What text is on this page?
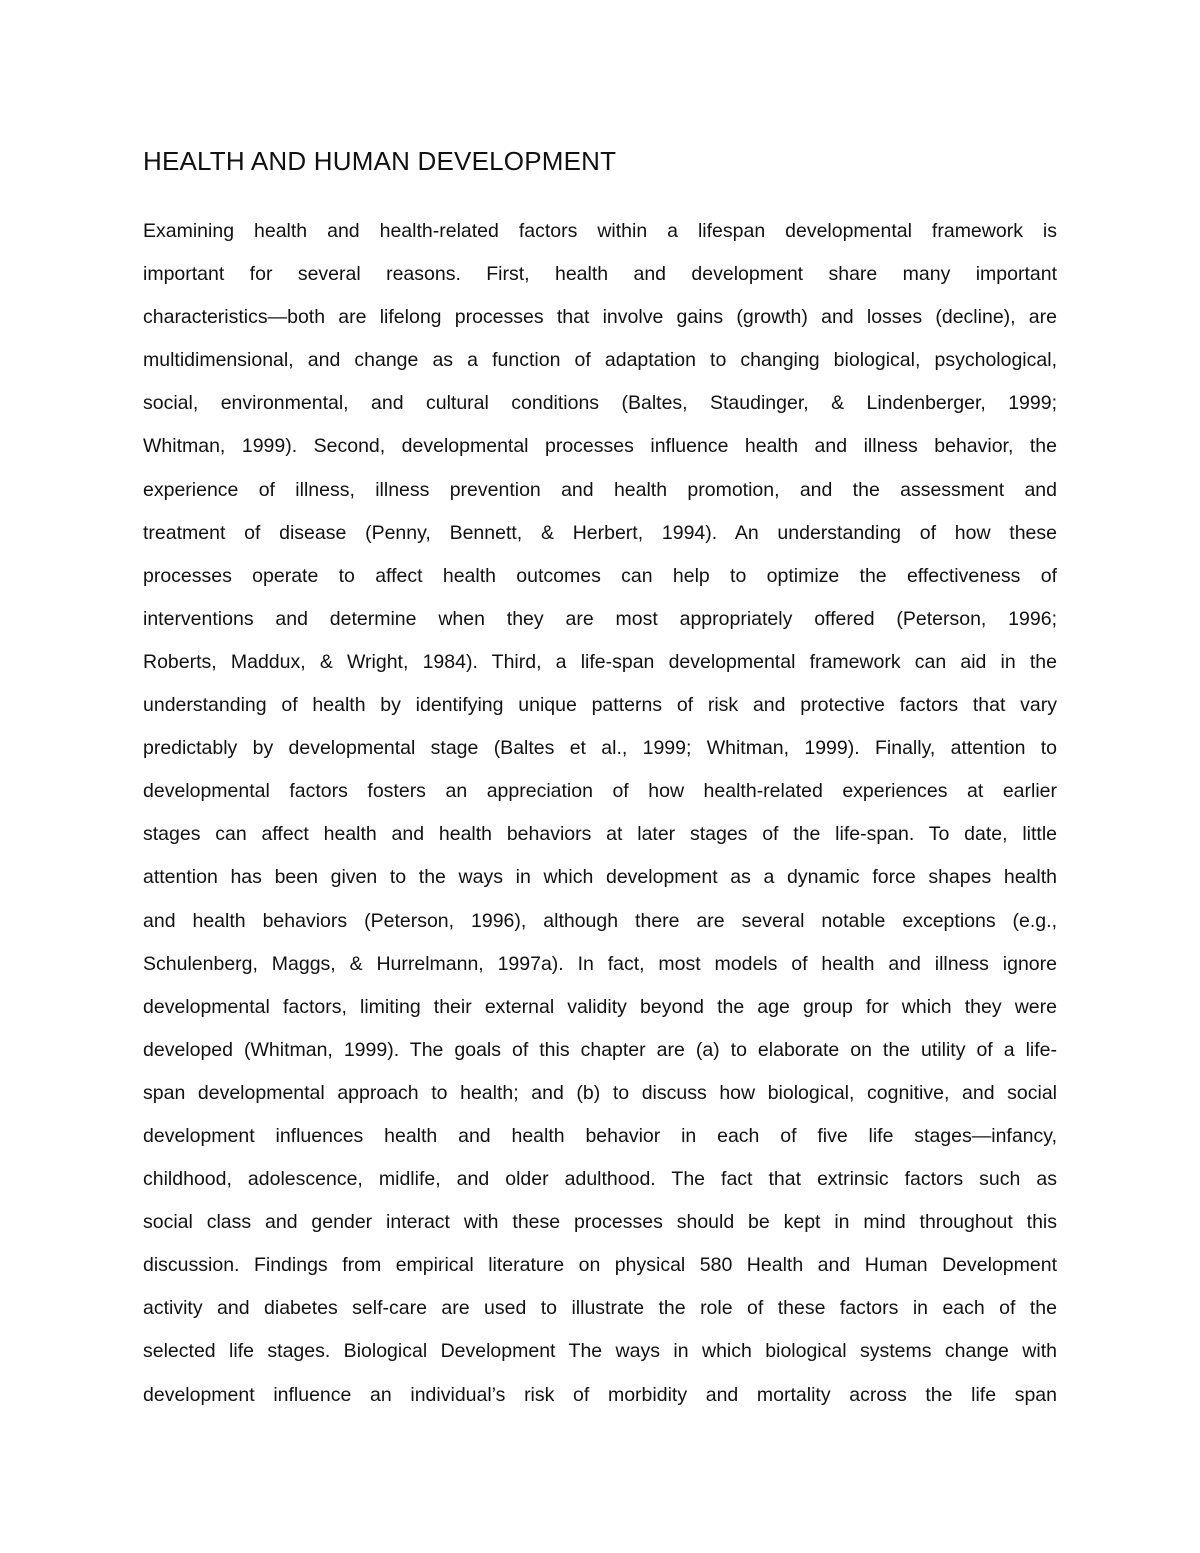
HEALTH AND HUMAN DEVELOPMENT
Examining health and health-related factors within a lifespan developmental framework is
important for several reasons. First, health and development share many important
characteristics—both are lifelong processes that involve gains (growth) and losses (decline), are
multidimensional, and change as a function of adaptation to changing biological, psychological,
social, environmental, and cultural conditions (Baltes, Staudinger, & Lindenberger, 1999;
Whitman, 1999). Second, developmental processes influence health and illness behavior, the
experience of illness, illness prevention and health promotion, and the assessment and
treatment of disease (Penny, Bennett, & Herbert, 1994). An understanding of how these
processes operate to affect health outcomes can help to optimize the effectiveness of
interventions and determine when they are most appropriately offered (Peterson, 1996;
Roberts, Maddux, & Wright, 1984). Third, a life-span developmental framework can aid in the
understanding of health by identifying unique patterns of risk and protective factors that vary
predictably by developmental stage (Baltes et al., 1999; Whitman, 1999). Finally, attention to
developmental factors fosters an appreciation of how health-related experiences at earlier
stages can affect health and health behaviors at later stages of the life-span. To date, little
attention has been given to the ways in which development as a dynamic force shapes health
and health behaviors (Peterson, 1996), although there are several notable exceptions (e.g.,
Schulenberg, Maggs, & Hurrelmann, 1997a). In fact, most models of health and illness ignore
developmental factors, limiting their external validity beyond the age group for which they were
developed (Whitman, 1999). The goals of this chapter are (a) to elaborate on the utility of a life-
span developmental approach to health; and (b) to discuss how biological, cognitive, and social
development influences health and health behavior in each of five life stages—infancy,
childhood, adolescence, midlife, and older adulthood. The fact that extrinsic factors such as
social class and gender interact with these processes should be kept in mind throughout this
discussion. Findings from empirical literature on physical 580 Health and Human Development
activity and diabetes self-care are used to illustrate the role of these factors in each of the
selected life stages. Biological Development The ways in which biological systems change with
development influence an individual’s risk of morbidity and mortality across the life span
